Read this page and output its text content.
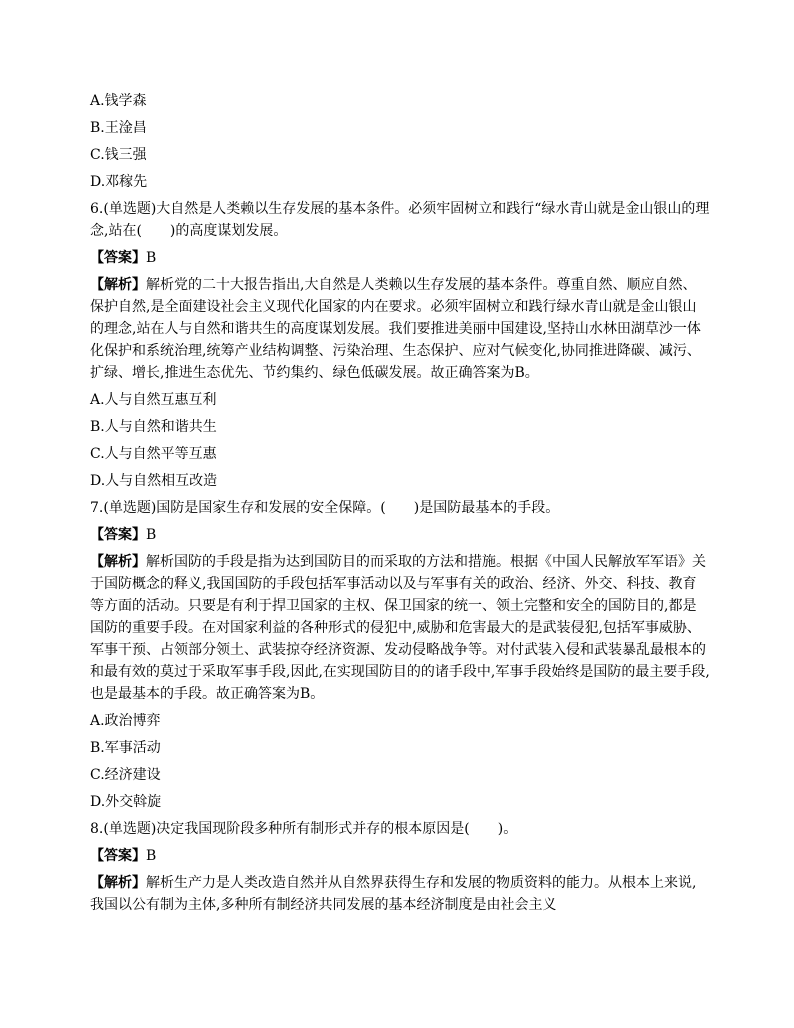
A.钱学森

B.王淦昌

C.钱三强

D.邓稼先

6.(单选题)大自然是人类赖以生存发展的基本条件。必须牢固树立和践行“绿水青山就是金山银山的理念,站在(　　)的高度谋划发展。

【答案】B

【解析】解析党的二十大报告指出,大自然是人类赖以生存发展的基本条件。尊重自然、顺应自然、保护自然,是全面建设社会主义现代化国家的内在要求。必须牢固树立和践行绿水青山就是金山银山的理念,站在人与自然和谐共生的高度谋划发展。我们要推进美丽中国建设,坚持山水林田湖草沙一体化保护和系统治理,统筹产业结构调整、污染治理、生态保护、应对气候变化,协同推进降碳、减污、扩绿、增长,推进生态优先、节约集约、绿色低碳发展。故正确答案为B。

A.人与自然互惠互利

B.人与自然和谐共生

C.人与自然平等互惠

D.人与自然相互改造

7.(单选题)国防是国家生存和发展的安全保障。(　　)是国防最基本的手段。

【答案】B

【解析】解析国防的手段是指为达到国防目的而采取的方法和措施。根据《中国人民解放军军语》关于国防概念的释义,我国国防的手段包括军事活动以及与军事有关的政治、经济、外交、科技、教育等方面的活动。只要是有利于捍卫国家的主权、保卫国家的统一、领土完整和安全的国防目的,都是国防的重要手段。在对国家利益的各种形式的侵犯中,威胁和危害最大的是武装侵犯,包括军事威胁、军事干预、占领部分领土、武装掠夺经济资源、发动侵略战争等。对付武装入侵和武装暴乱最根本的和最有效的莫过于采取军事手段,因此,在实现国防目的的诸手段中,军事手段始终是国防的最主要手段,也是最基本的手段。故正确答案为B。

A.政治博弈

B.军事活动

C.经济建设

D.外交斡旋

8.(单选题)决定我国现阶段多种所有制形式并存的根本原因是(　　)。

【答案】B

【解析】解析生产力是人类改造自然并从自然界获得生存和发展的物质资料的能力。从根本上来说,我国以公有制为主体,多种所有制经济共同发展的基本经济制度是由社会主义
